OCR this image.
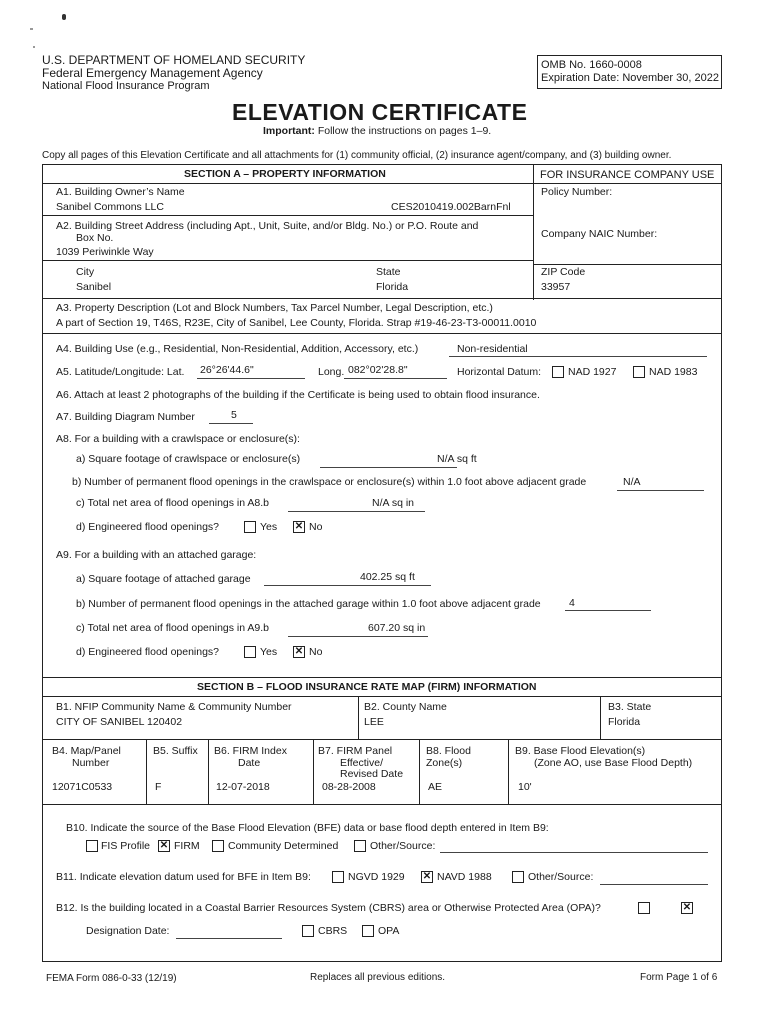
U.S. DEPARTMENT OF HOMELAND SECURITY
Federal Emergency Management Agency
National Flood Insurance Program
OMB No. 1660-0008
Expiration Date: November 30, 2022
ELEVATION CERTIFICATE
Important: Follow the instructions on pages 1–9.
Copy all pages of this Elevation Certificate and all attachments for (1) community official, (2) insurance agent/company, and (3) building owner.
SECTION A – PROPERTY INFORMATION	FOR INSURANCE COMPANY USE
A1. Building Owner’s Name
Sanibel Commons LLC	CES2010419.002BarnFnl
Policy Number:
A2. Building Street Address (including Apt., Unit, Suite, and/or Bldg. No.) or P.O. Route and
Box No.
1039 Periwinkle Way
Company NAIC Number:
City
Sanibel
State
Florida
ZIP Code
33957
A3. Property Description (Lot and Block Numbers, Tax Parcel Number, Legal Description, etc.)
A part of Section 19, T46S, R23E, City of Sanibel, Lee County, Florida. Strap #19-46-23-T3-00011.0010
A4. Building Use (e.g., Residential, Non-Residential, Addition, Accessory, etc.)	Non-residential
A5. Latitude/Longitude: Lat. 26°26'44.6"	Long. 082°02'28.8"	Horizontal Datum:	NAD 1927	NAD 1983
A6. Attach at least 2 photographs of the building if the Certificate is being used to obtain flood insurance.
A7. Building Diagram Number	5
A8. For a building with a crawlspace or enclosure(s):
a) Square footage of crawlspace or enclosure(s)	N/A sq ft
b) Number of permanent flood openings in the crawlspace or enclosure(s) within 1.0 foot above adjacent grade	N/A
c) Total net area of flood openings in A8.b	N/A sq in
d) Engineered flood openings?	Yes ✕ No
A9. For a building with an attached garage:
a) Square footage of attached garage	402.25 sq ft
b) Number of permanent flood openings in the attached garage within 1.0 foot above adjacent grade	4
c) Total net area of flood openings in A9.b	607.20 sq in
d) Engineered flood openings?	Yes ✕ No
SECTION B – FLOOD INSURANCE RATE MAP (FIRM) INFORMATION
B1. NFIP Community Name & Community Number
CITY OF SANIBEL 120402
B2. County Name
LEE
B3. State
Florida
B4. Map/Panel
Number
12071C0533
B5. Suffix
F
B6. FIRM Index
Date
12-07-2018
B7. FIRM Panel
Effective/
Revised Date
08-28-2008
B8. Flood
Zone(s)
AE
B9. Base Flood Elevation(s)
(Zone AO, use Base Flood Depth)
10'
B10. Indicate the source of the Base Flood Elevation (BFE) data or base flood depth entered in Item B9:
FIS Profile ✕ FIRM	Community Determined	Other/Source:
B11. Indicate elevation datum used for BFE in Item B9:	NGVD 1929 ✕ NAVD 1988	Other/Source:
B12. Is the building located in a Coastal Barrier Resources System (CBRS) area or Otherwise Protected Area (OPA)?	✕
Designation Date:	CBRS	OPA
FEMA Form 086-0-33 (12/19)	Replaces all previous editions.	Form Page 1 of 6
